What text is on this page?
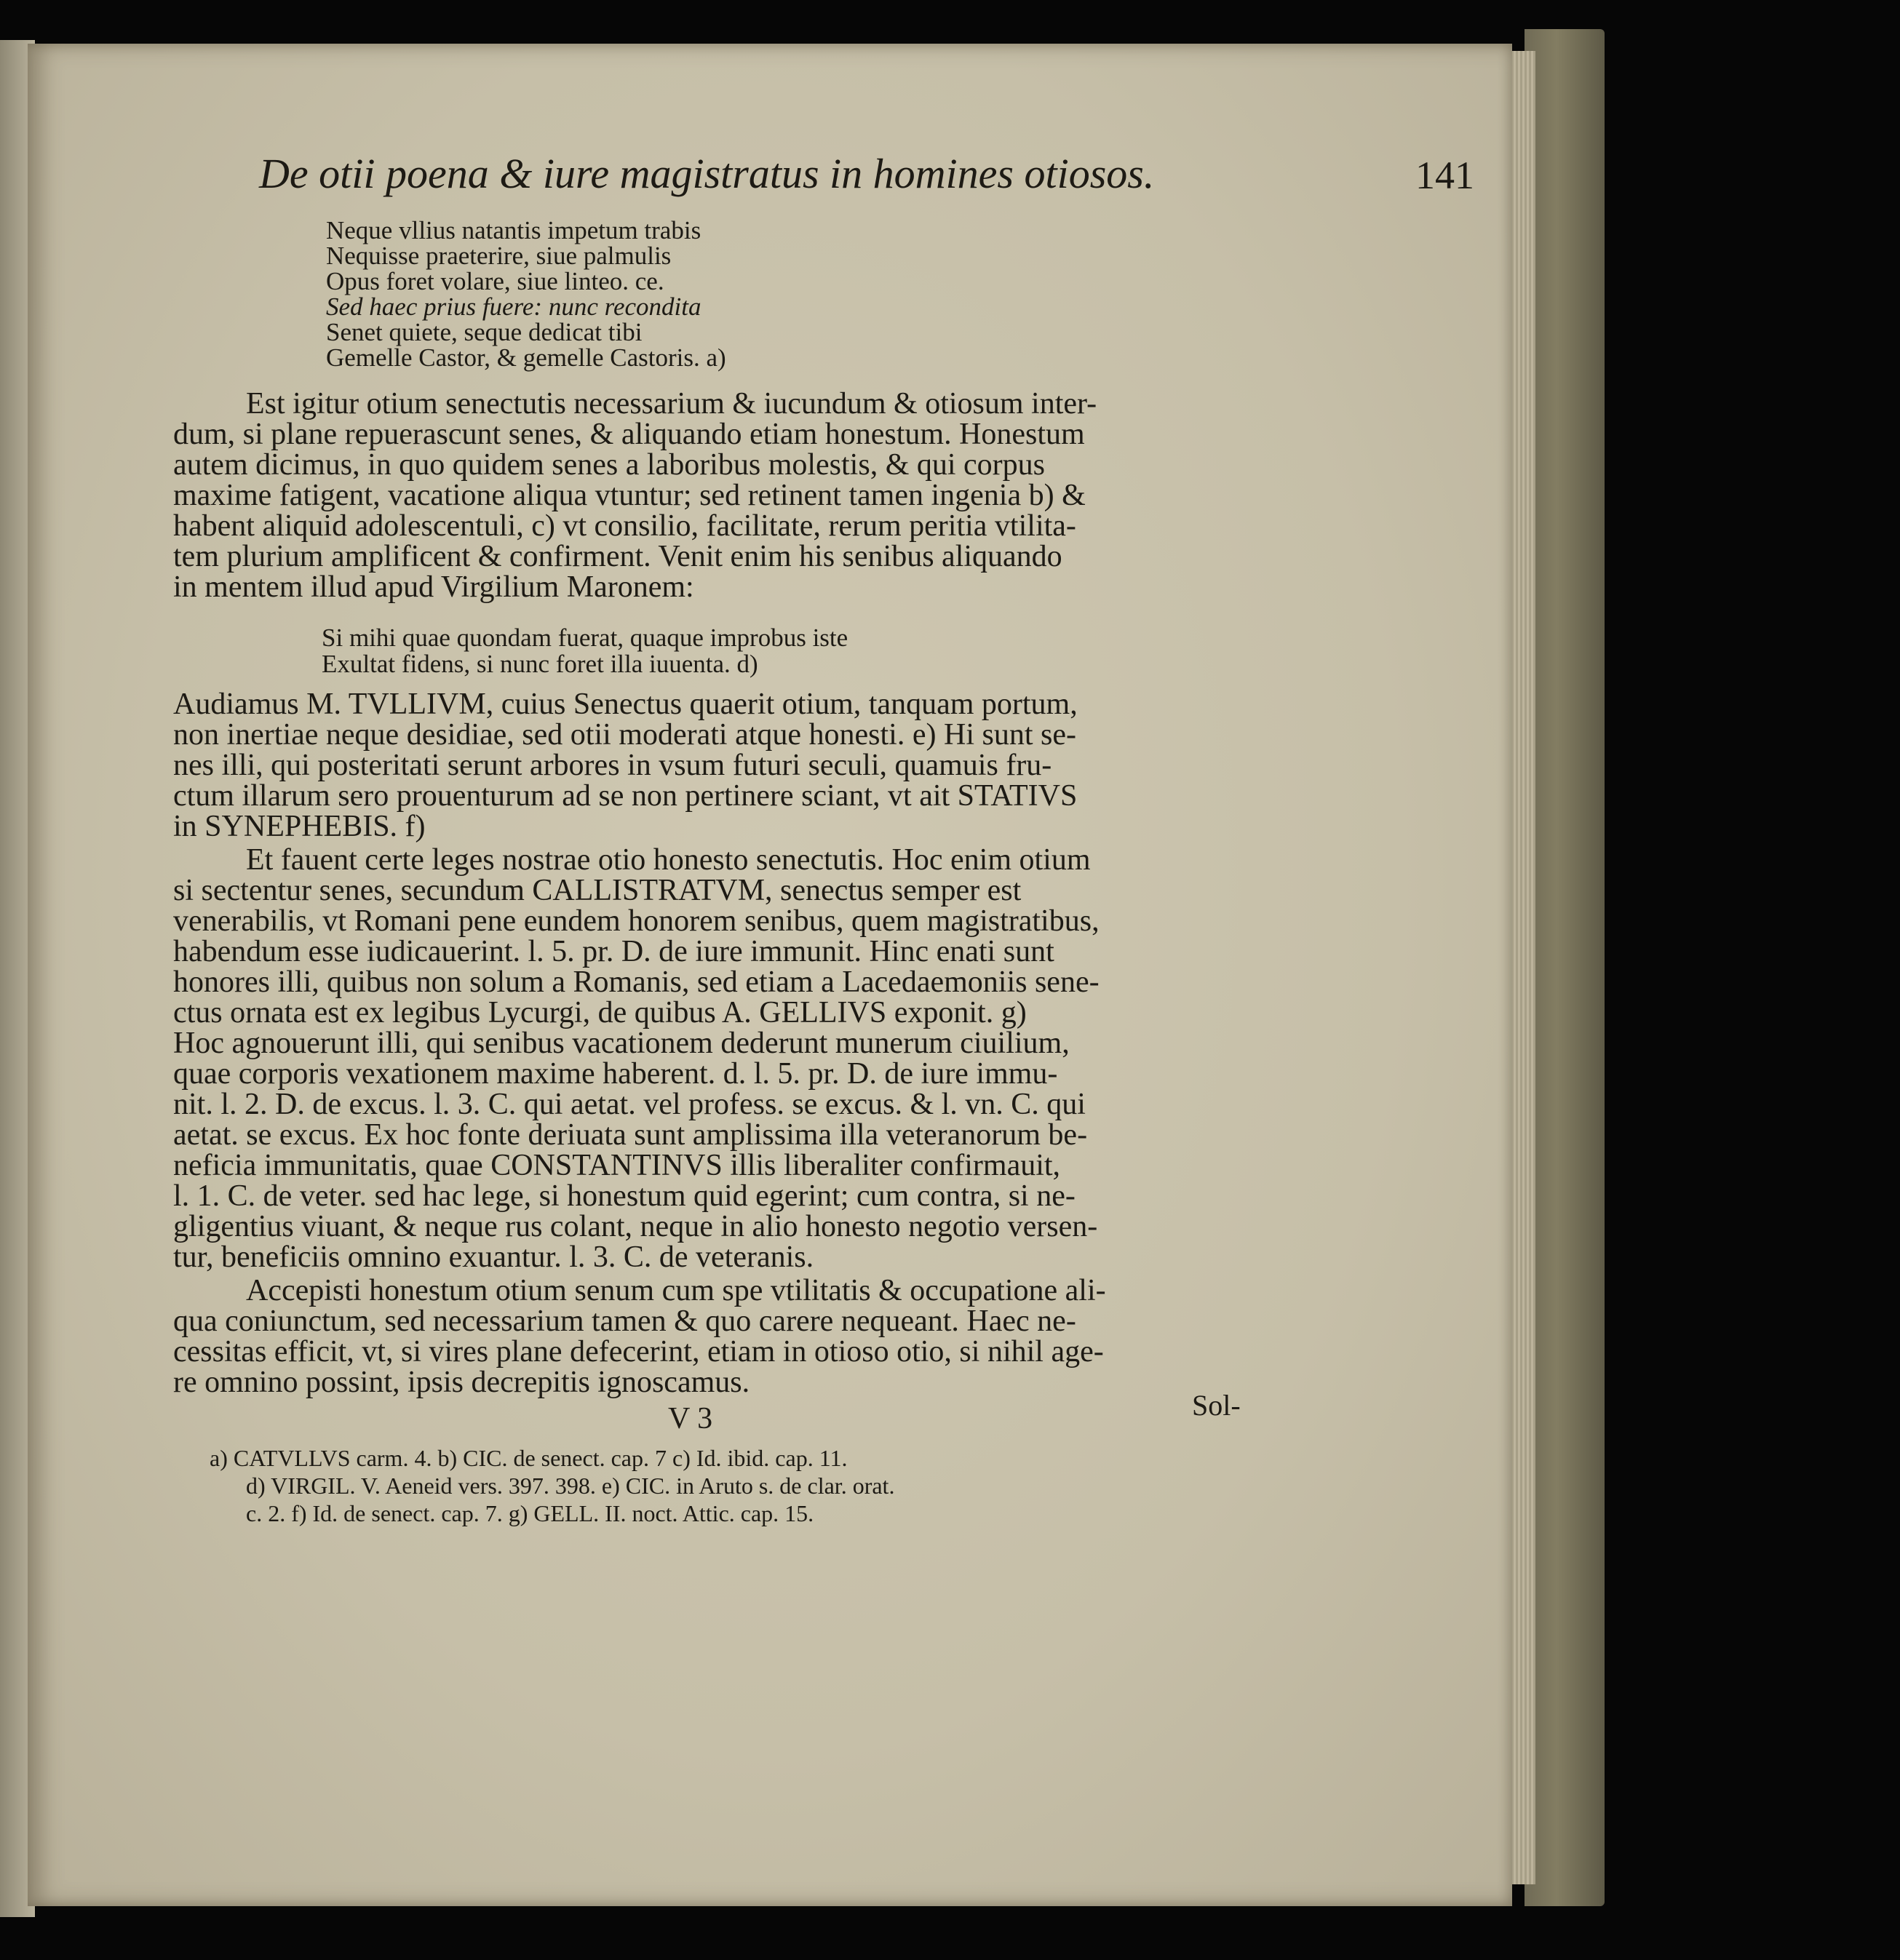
De otii poena & iure magistratus in homines otiosos.	141

Neque vllius natantis impetum trabis

Nequisse praeterire, siue palmulis

Opus foret volare, siue linteo. ce.

Sed haec prius fuere: nunc recondita

Senet quiete, seque dedicat tibi

Gemelle Castor, & gemelle Castoris. a)

Est igitur otium senectutis necessarium & iucundum & otiosum inter-

dum, si plane repuerascunt senes, & aliquando etiam honestum. Honestum

autem dicimus, in quo quidem senes a laboribus molestis, & qui corpus

maxime fatigent, vacatione aliqua vtuntur; sed retinent tamen ingenia b) &

habent aliquid adolescentuli, c) vt consilio, facilitate, rerum peritia vtilita-

tem plurium amplificent & confirment. Venit enim his senibus aliquando

in mentem illud apud Virgilium Maronem:

Si mihi quae quondam fuerat, quaque improbus iste

Exultat fidens, si nunc foret illa iuuenta. d)

Audiamus M. TVLLIVM, cuius Senectus quaerit otium, tanquam portum,

non inertiae neque desidiae, sed otii moderati atque honesti. e) Hi sunt se-

nes illi, qui posteritati serunt arbores in vsum futuri seculi, quamuis fru-

ctum illarum sero prouenturum ad se non pertinere sciant, vt ait STATIVS

in SYNEPHEBIS. f)

Et fauent certe leges nostrae otio honesto senectutis. Hoc enim otium

si sectentur senes, secundum CALLISTRATVM, senectus semper est

venerabilis, vt Romani pene eundem honorem senibus, quem magistratibus,

habendum esse iudicauerint. l. 5. pr. D. de iure immunit. Hinc enati sunt

honores illi, quibus non solum a Romanis, sed etiam a Lacedaemoniis sene-

ctus ornata est ex legibus Lycurgi, de quibus A. GELLIVS exponit. g)

Hoc agnouerunt illi, qui senibus vacationem dederunt munerum ciuilium,

quae corporis vexationem maxime haberent. d. l. 5. pr. D. de iure immu-

nit. l. 2. D. de excus. l. 3. C. qui aetat. vel profess. se excus. & l. vn. C. qui

aetat. se excus. Ex hoc fonte deriuata sunt amplissima illa veteranorum be-

neficia immunitatis, quae CONSTANTINVS illis liberaliter confirmauit,

l. 1. C. de veter. sed hac lege, si honestum quid egerint; cum contra, si ne-

gligentius viuant, & neque rus colant, neque in alio honesto negotio versen-

tur, beneficiis omnino exuantur. l. 3. C. de veteranis.

Accepisti honestum otium senum cum spe vtilitatis & occupatione ali-

qua coniunctum, sed necessarium tamen & quo carere nequeant. Haec ne-

cessitas efficit, vt, si vires plane defecerint, etiam in otioso otio, si nihil age-

re omnino possint, ipsis decrepitis ignoscamus.

V 3	Sol-

a) CATVLLVS carm. 4. b) CIC. de senect. cap. 7 c) Id. ibid. cap. 11.

d) VIRGIL. V. Aeneid vers. 397. 398. e) CIC. in Aruto s. de clar. orat.

c. 2. f) Id. de senect. cap. 7. g) GELL. II. noct. Attic. cap. 15.
